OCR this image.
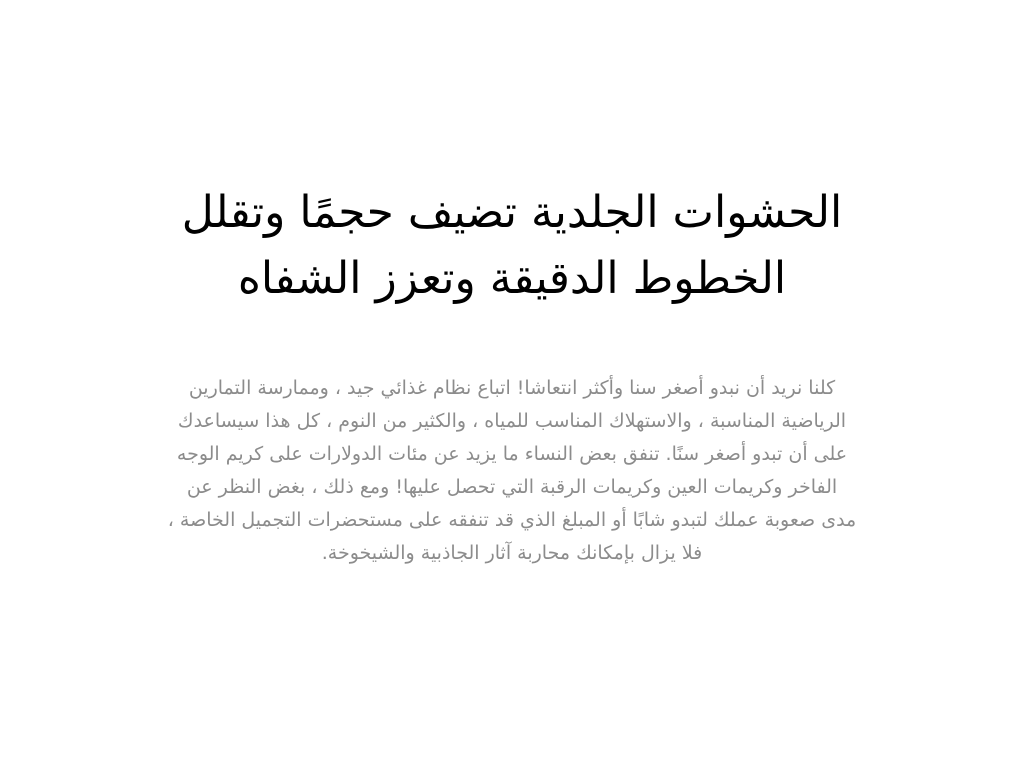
الحشوات الجلدية تضيف حجمًا وتقلل
الخطوط الدقيقة وتعزز الشفاه

كلنا نريد أن نبدو أصغر سنا وأكثر انتعاشا! اتباع نظام غذائي جيد ، وممارسة التمارين
الرياضية المناسبة ، والاستهلاك المناسب للمياه ، والكثير من النوم ، كل هذا سيساعدك
على أن تبدو أصغر سنًا. تنفق بعض النساء ما يزيد عن مئات الدولارات على كريم الوجه
الفاخر وكريمات العين وكريمات الرقبة التي تحصل عليها! ومع ذلك ، بغض النظر عن
مدى صعوبة عملك لتبدو شابًا أو المبلغ الذي قد تنفقه على مستحضرات التجميل الخاصة ،
فلا يزال بإمكانك محاربة آثار الجاذبية والشيخوخة.
